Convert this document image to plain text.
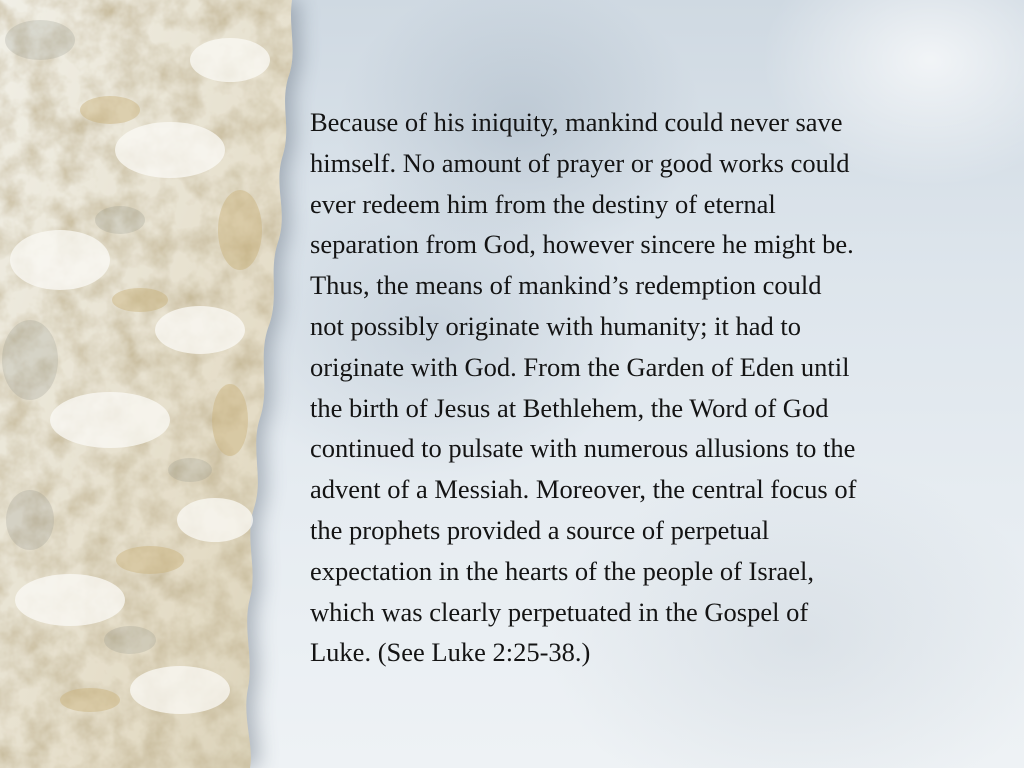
Because of his iniquity, mankind could never save
himself. No amount of prayer or good works could
ever redeem him from the destiny of eternal
separation from God, however sincere he might be.
Thus, the means of mankind’s redemption could
not possibly originate with humanity; it had to
originate with God. From the Garden of Eden until
the birth of Jesus at Bethlehem, the Word of God
continued to pulsate with numerous allusions to the
advent of a Messiah. Moreover, the central focus of
the prophets provided a source of perpetual
expectation in the hearts of the people of Israel,
which was clearly perpetuated in the Gospel of
Luke. (See Luke 2:25-38.)
